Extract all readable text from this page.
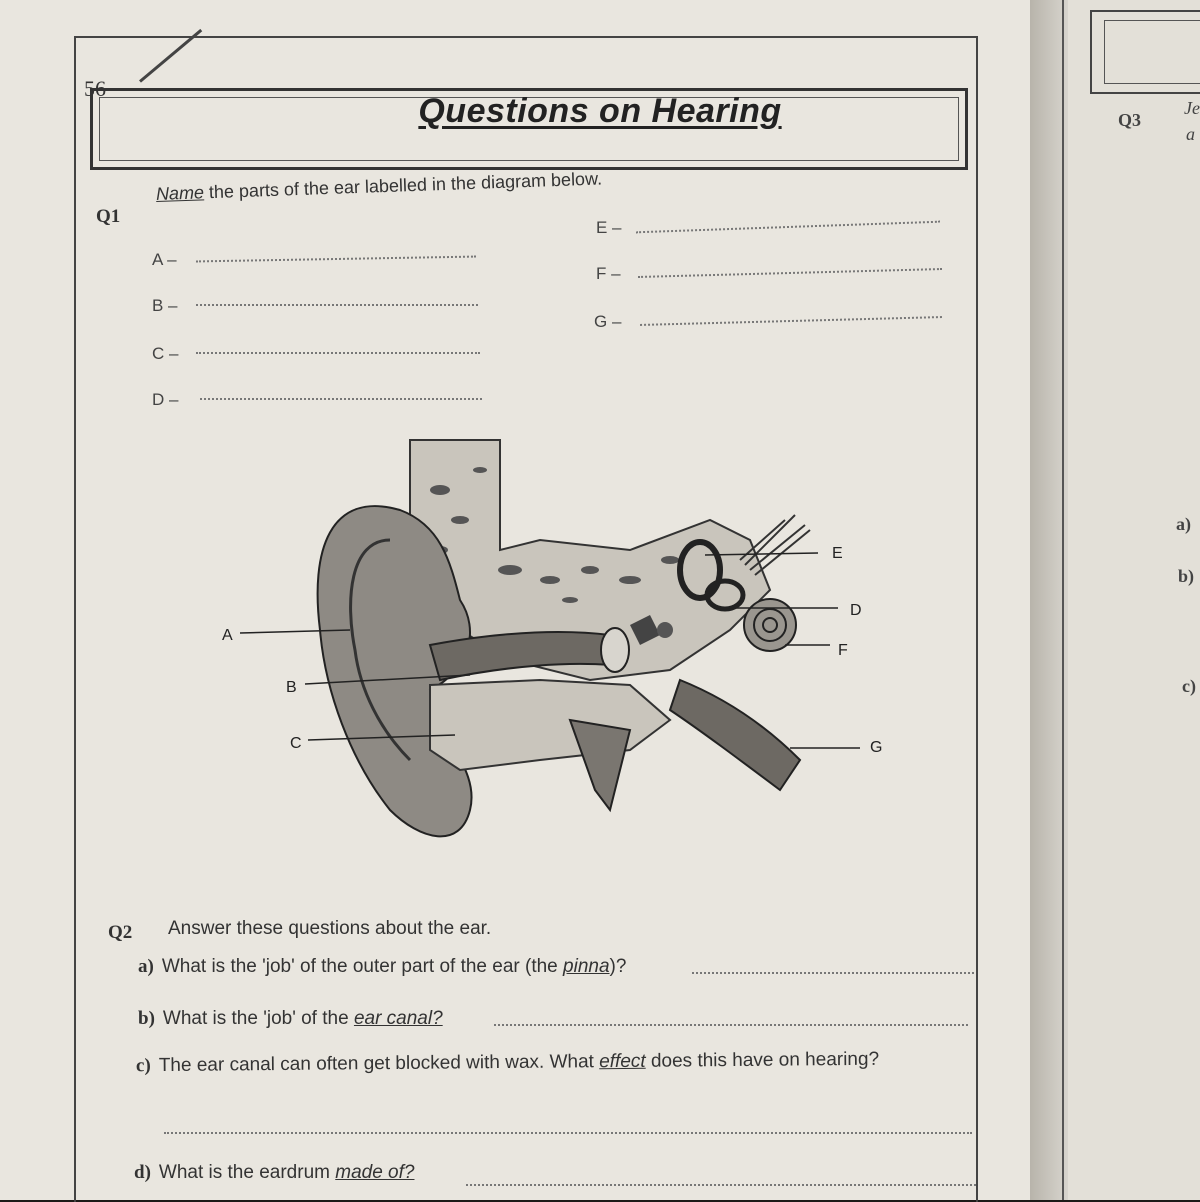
56
Questions on Hearing
Q1
Name the parts of the ear labelled in the diagram below.
A –
B –
C –
D –
E –
F –
G –
A
B
C
D
E
F
G
Q2 Answer these questions about the ear.
a) What is the 'job' of the outer part of the ear (the pinna)?
b) What is the 'job' of the ear canal?
c) The ear canal can often get blocked with wax. What effect does this have on hearing?
d) What is the eardrum made of?
Q3
Je
a
a)
b)
c)
